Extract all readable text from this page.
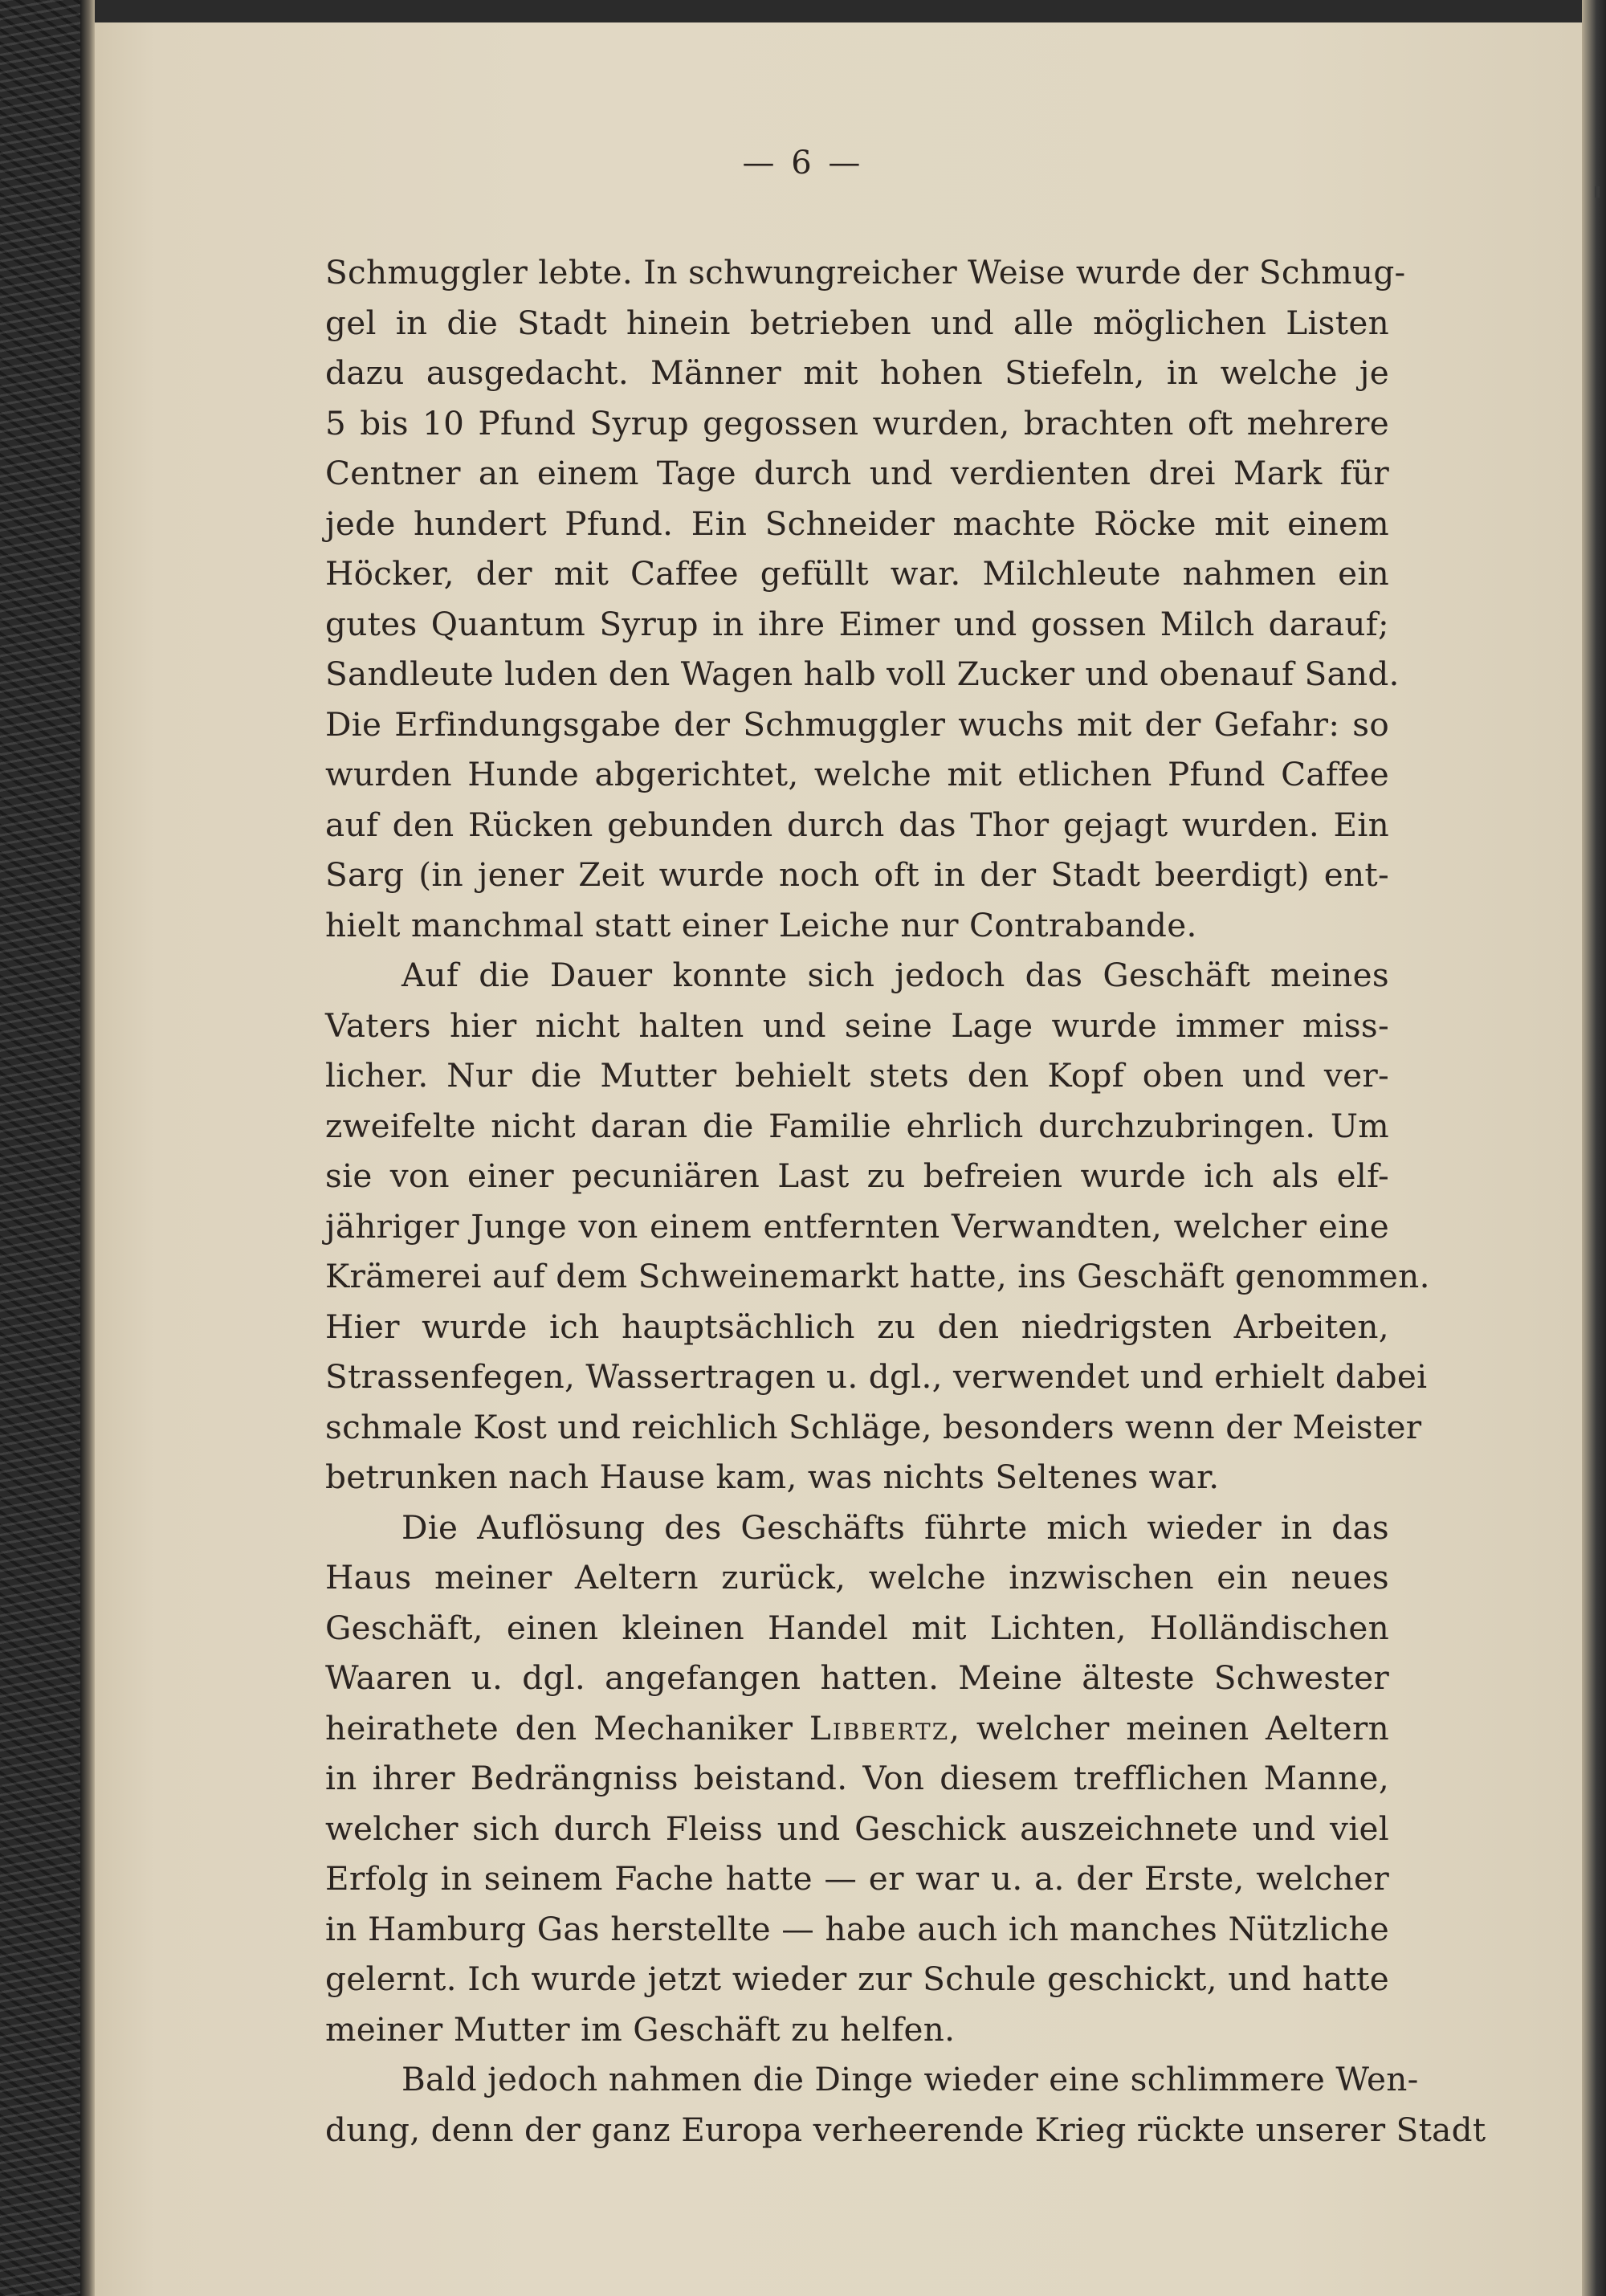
— 6 —
Schmuggler lebte. In schwungreicher Weise wurde der Schmug-
gel in die Stadt hinein betrieben und alle möglichen Listen
dazu ausgedacht. Männer mit hohen Stiefeln, in welche je
5 bis 10 Pfund Syrup gegossen wurden, brachten oft mehrere
Centner an einem Tage durch und verdienten drei Mark für
jede hundert Pfund. Ein Schneider machte Röcke mit einem
Höcker, der mit Caffee gefüllt war. Milchleute nahmen ein
gutes Quantum Syrup in ihre Eimer und gossen Milch darauf;
Sandleute luden den Wagen halb voll Zucker und obenauf Sand.
Die Erfindungsgabe der Schmuggler wuchs mit der Gefahr: so
wurden Hunde abgerichtet, welche mit etlichen Pfund Caffee
auf den Rücken gebunden durch das Thor gejagt wurden. Ein
Sarg (in jener Zeit wurde noch oft in der Stadt beerdigt) ent-
hielt manchmal statt einer Leiche nur Contrabande.
Auf die Dauer konnte sich jedoch das Geschäft meines
Vaters hier nicht halten und seine Lage wurde immer miss-
licher. Nur die Mutter behielt stets den Kopf oben und ver-
zweifelte nicht daran die Familie ehrlich durchzubringen. Um
sie von einer pecuniären Last zu befreien wurde ich als elf-
jähriger Junge von einem entfernten Verwandten, welcher eine
Krämerei auf dem Schweinemarkt hatte, ins Geschäft genommen.
Hier wurde ich hauptsächlich zu den niedrigsten Arbeiten,
Strassenfegen, Wassertragen u. dgl., verwendet und erhielt dabei
schmale Kost und reichlich Schläge, besonders wenn der Meister
betrunken nach Hause kam, was nichts Seltenes war.
Die Auflösung des Geschäfts führte mich wieder in das
Haus meiner Aeltern zurück, welche inzwischen ein neues
Geschäft, einen kleinen Handel mit Lichten, Holländischen
Waaren u. dgl. angefangen hatten. Meine älteste Schwester
heirathete den Mechaniker Libbertz, welcher meinen Aeltern
in ihrer Bedrängniss beistand. Von diesem trefflichen Manne,
welcher sich durch Fleiss und Geschick auszeichnete und viel
Erfolg in seinem Fache hatte — er war u. a. der Erste, welcher
in Hamburg Gas herstellte — habe auch ich manches Nützliche
gelernt. Ich wurde jetzt wieder zur Schule geschickt, und hatte
meiner Mutter im Geschäft zu helfen.
Bald jedoch nahmen die Dinge wieder eine schlimmere Wen-
dung, denn der ganz Europa verheerende Krieg rückte unserer Stadt
